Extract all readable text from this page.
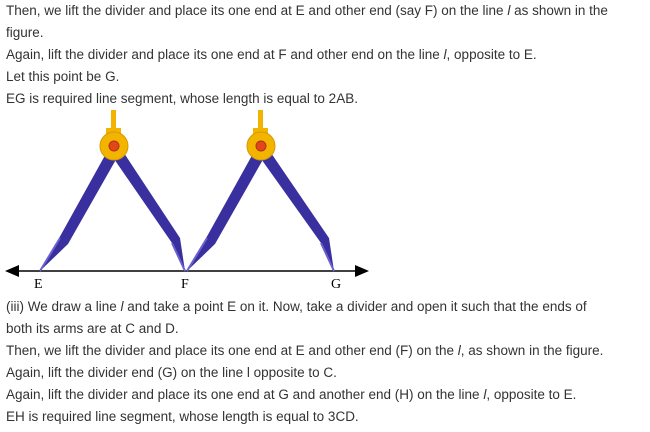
Then, we lift the divider and place its one end at E and other end (say F) on the line l as shown in the

figure.

Again, lift the divider and place its one end at F and other end on the line l, opposite to E.

Let this point be G.

EG is required line segment, whose length is equal to 2AB.

E	F	G

(iii) We draw a line l and take a point E on it. Now, take a divider and open it such that the ends of

both its arms are at C and D.

Then, we lift the divider and place its one end at E and other end (F) on the l, as shown in the figure.

Again, lift the divider end (G) on the line l opposite to C.

Again, lift the divider and place its one end at G and another end (H) on the line l, opposite to E.

EH is required line segment, whose length is equal to 3CD.
